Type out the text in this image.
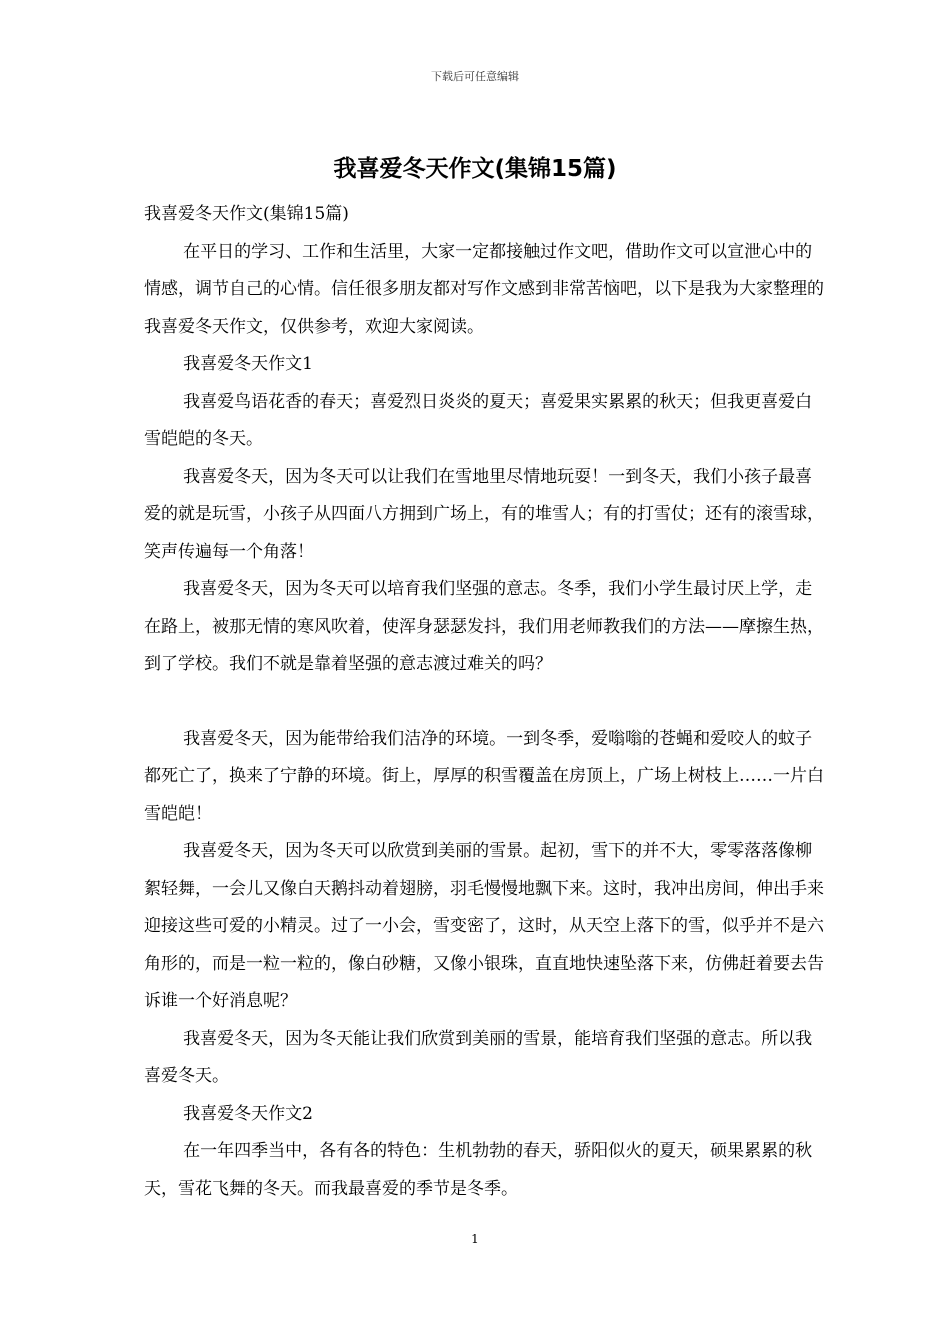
下载后可任意编辑
我喜爱冬天作文(集锦15篇)

我喜爱冬天作文(集锦15篇)

在平日的学习、工作和生活里，大家一定都接触过作文吧，借助作文可以宣泄心中的情感，调节自己的心情。信任很多朋友都对写作文感到非常苦恼吧，以下是我为大家整理的我喜爱冬天作文，仅供参考，欢迎大家阅读。

我喜爱冬天作文1

我喜爱鸟语花香的春天；喜爱烈日炎炎的夏天；喜爱果实累累的秋天；但我更喜爱白雪皑皑的冬天。

我喜爱冬天，因为冬天可以让我们在雪地里尽情地玩耍！一到冬天，我们小孩子最喜爱的就是玩雪，小孩子从四面八方拥到广场上，有的堆雪人；有的打雪仗；还有的滚雪球，笑声传遍每一个角落！

我喜爱冬天，因为冬天可以培育我们坚强的意志。冬季，我们小学生最讨厌上学，走在路上，被那无情的寒风吹着，使浑身瑟瑟发抖，我们用老师教我们的方法——摩擦生热，到了学校。我们不就是靠着坚强的意志渡过难关的吗？

我喜爱冬天，因为能带给我们洁净的环境。一到冬季，爱嗡嗡的苍蝇和爱咬人的蚊子都死亡了，换来了宁静的环境。街上，厚厚的积雪覆盖在房顶上，广场上树枝上……一片白雪皑皑！

我喜爱冬天，因为冬天可以欣赏到美丽的雪景。起初，雪下的并不大，零零落落像柳絮轻舞，一会儿又像白天鹅抖动着翅膀，羽毛慢慢地飘下来。这时，我冲出房间，伸出手来迎接这些可爱的小精灵。过了一小会，雪变密了，这时，从天空上落下的雪，似乎并不是六角形的，而是一粒一粒的，像白砂糖，又像小银珠，直直地快速坠落下来，仿佛赶着要去告诉谁一个好消息呢？

我喜爱冬天，因为冬天能让我们欣赏到美丽的雪景，能培育我们坚强的意志。所以我喜爱冬天。

我喜爱冬天作文2

在一年四季当中，各有各的特色：生机勃勃的春天，骄阳似火的夏天，硕果累累的秋天，雪花飞舞的冬天。而我最喜爱的季节是冬季。

1
